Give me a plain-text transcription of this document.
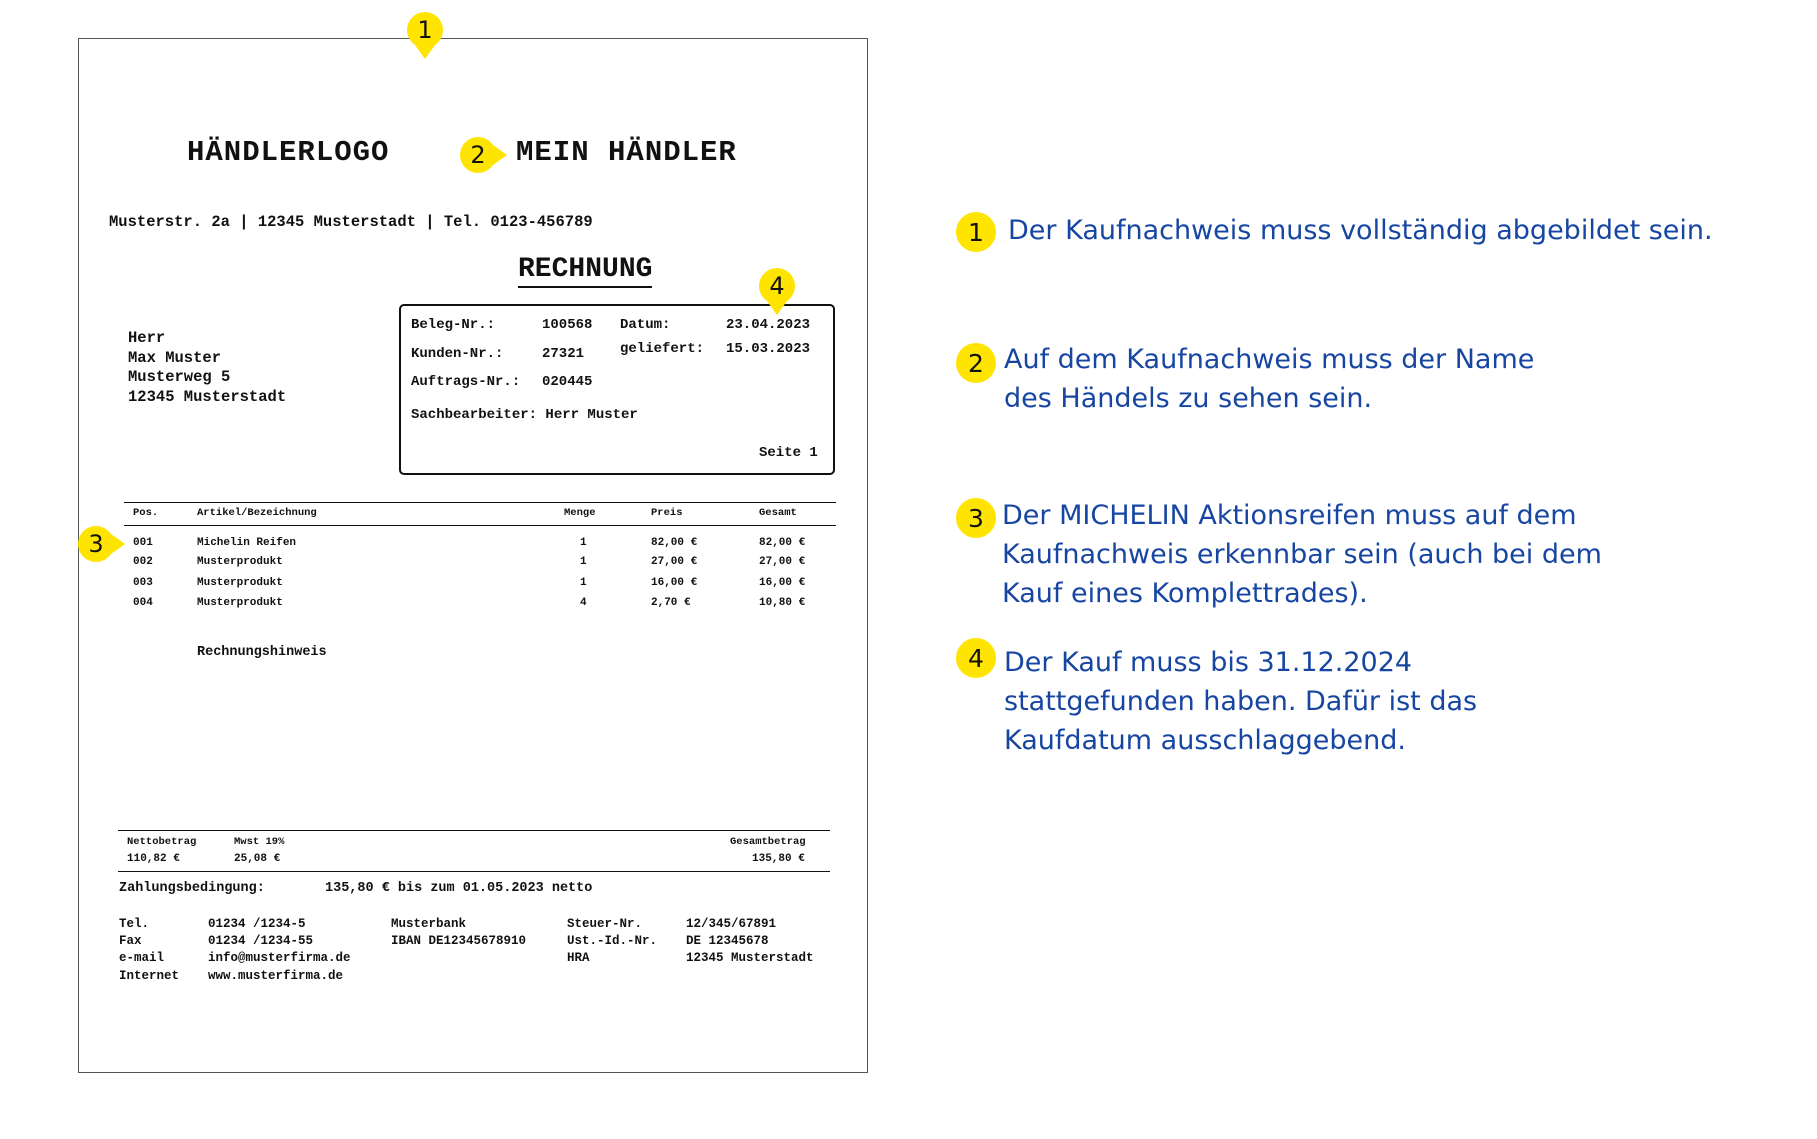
HÄNDLERLOGO	MEIN HÄNDLER
Musterstr. 2a | 12345 Musterstadt | Tel. 0123-456789
RECHNUNG
Herr
Max Muster
Musterweg 5
12345 Musterstadt
Beleg-Nr.:	100568 Datum:	23.04.2023
Kunden-Nr.:	27321	geliefert: 15.03.2023
Auftrags-Nr.: 020445
Sachbearbeiter: Herr Muster
Seite 1
Pos.	Artikel/Bezeichnung	Menge	Preis	Gesamt
001	Michelin Reifen	1	82,00 €	82,00 €
002	Musterprodukt	1	27,00 €	27,00 €
003	Musterprodukt	1	16,00 €	16,00 €
004	Musterprodukt	4	2,70 €	10,80 €
Rechnungshinweis
Nettobetrag
110,82 €
Mwst 19%
25,08 €
Gesamtbetrag
135,80 €
Zahlungsbedingung:	135,80 € bis zum 01.05.2023 netto
Tel.	01234 /1234-5
Fax	01234 /1234-55
e-mail	info@musterfirma.de
Internet www.musterfirma.de
Musterbank
IBAN DE12345678910
Steuer-Nr.	12/345/67891
Ust.-Id.-Nr. DE 12345678
HRA	12345 Musterstadt
1
2
3
4
1 Der Kaufnachweis muss vollständig abgebildet sein.
2 Auf dem Kaufnachweis muss der Name
des Händels zu sehen sein.
3 Der MICHELIN Aktionsreifen muss auf dem
Kaufnachweis erkennbar sein (auch bei dem
Kauf eines Komplettrades).
4 Der Kauf muss bis 31.12.2024
stattgefunden haben. Dafür ist das
Kaufdatum ausschlaggebend.
